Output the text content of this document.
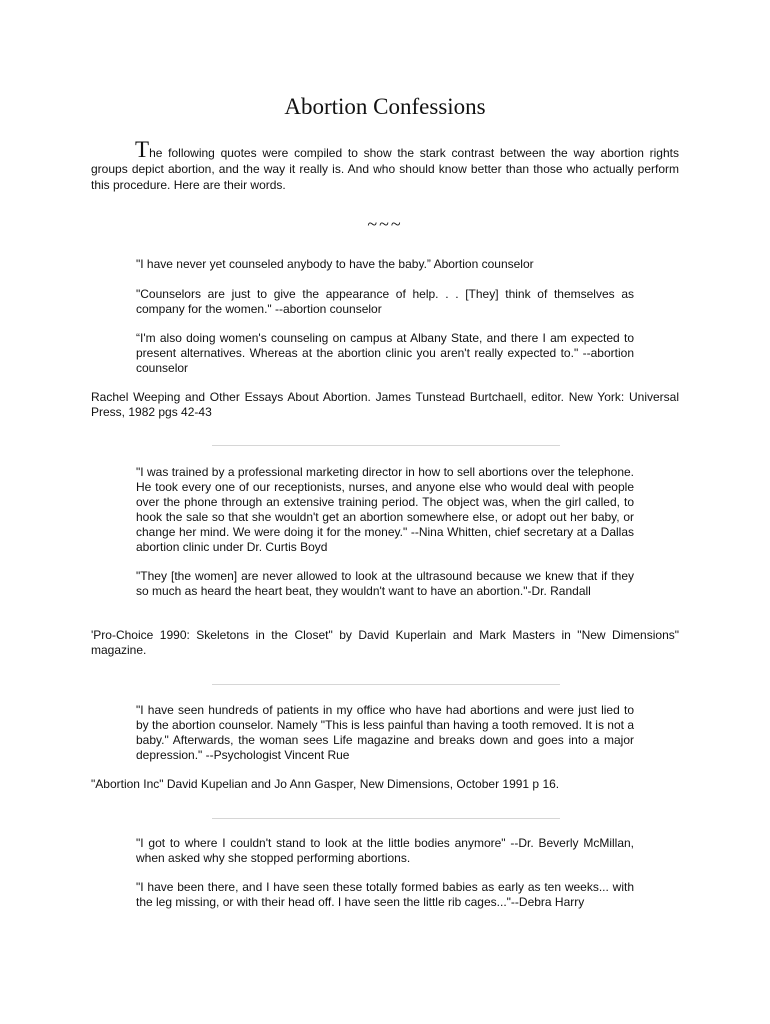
Abortion Confessions
The following quotes were compiled to show the stark contrast between the way abortion rights groups depict abortion, and the way it really is. And who should know better than those who actually perform this procedure. Here are their words.
~~~
"I have never yet counseled anybody to have the baby.” Abortion counselor
"Counselors are just to give the appearance of help. . . [They] think of themselves as company for the women." --abortion counselor
“I'm also doing women's counseling on campus at Albany State, and there I am expected to present alternatives. Whereas at the abortion clinic you aren't really expected to." --abortion counselor
Rachel Weeping and Other Essays About Abortion. James Tunstead Burtchaell, editor. New York: Universal Press, 1982 pgs 42-43
"I was trained by a professional marketing director in how to sell abortions over the telephone. He took every one of our receptionists, nurses, and anyone else who would deal with people over the phone through an extensive training period. The object was, when the girl called, to hook the sale so that she wouldn't get an abortion somewhere else, or adopt out her baby, or change her mind. We were doing it for the money." --Nina Whitten, chief secretary at a Dallas abortion clinic under Dr. Curtis Boyd
"They [the women] are never allowed to look at the ultrasound because we knew that if they so much as heard the heart beat, they wouldn't want to have an abortion."-Dr. Randall
'Pro-Choice 1990: Skeletons in the Closet" by David Kuperlain and Mark Masters in "New Dimensions" magazine.
"I have seen hundreds of patients in my office who have had abortions and were just lied to by the abortion counselor. Namely "This is less painful than having a tooth removed. It is not a baby." Afterwards, the woman sees Life magazine and breaks down and goes into a major depression." --Psychologist Vincent Rue
"Abortion Inc" David Kupelian and Jo Ann Gasper, New Dimensions, October 1991 p 16.
"I got to where I couldn't stand to look at the little bodies anymore" --Dr. Beverly McMillan, when asked why she stopped performing abortions.
"I have been there, and I have seen these totally formed babies as early as ten weeks... with the leg missing, or with their head off. I have seen the little rib cages..."--Debra Harry
